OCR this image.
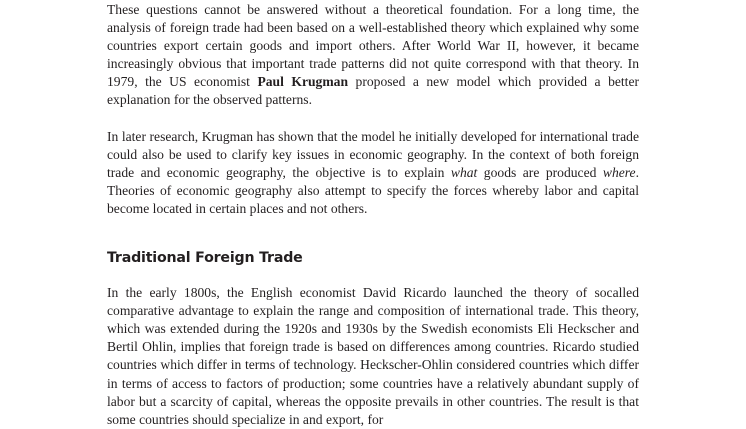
These questions cannot be answered without a theoretical foundation. For a long time, the analysis of foreign trade had been based on a well-established theory which explained why some countries export certain goods and import others. After World War II, however, it became increasingly obvious that important trade patterns did not quite correspond with that theory. In 1979, the US economist Paul Krugman proposed a new model which provided a better explanation for the observed patterns.

In later research, Krugman has shown that the model he initially developed for international trade could also be used to clarify key issues in economic geography. In the context of both foreign trade and economic geography, the objective is to explain what goods are produced where. Theories of economic geography also attempt to specify the forces whereby labor and capital become located in certain places and not others.

Traditional Foreign Trade

In the early 1800s, the English economist David Ricardo launched the theory of socalled comparative advantage to explain the range and composition of international trade. This theory, which was extended during the 1920s and 1930s by the Swedish economists Eli Heckscher and Bertil Ohlin, implies that foreign trade is based on differences among countries. Ricardo studied countries which differ in terms of technology. Heckscher-Ohlin considered countries which differ in terms of access to factors of production; some countries have a relatively abundant supply of labor but a scarcity of capital, whereas the opposite prevails in other countries. The result is that some countries should specialize in and export, for
